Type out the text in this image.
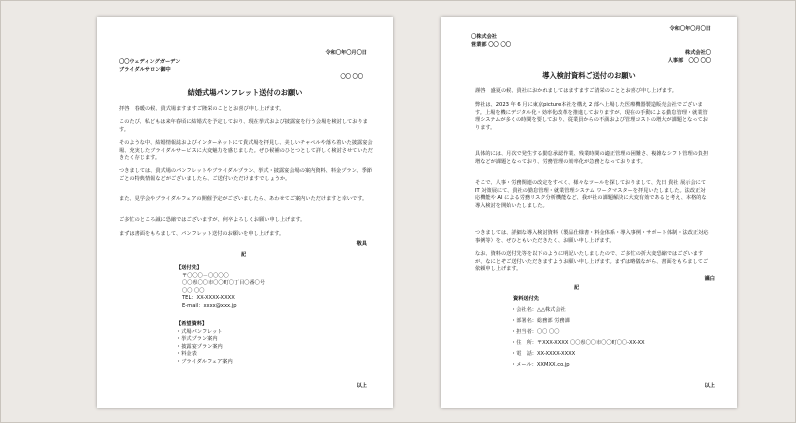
令和〇年〇月〇日
〇〇ウェディングガーデン
ブライダルサロン御中
〇〇 〇〇
結婚式場パンフレット送付のお願い
拝啓　春暖の候、貴式場ますますご隆栄のこととお喜び申し上げます。
このたび、私どもは来年春頃に結婚式を予定しており、現在挙式および披露宴を行う会場を検討しております。
そのような中、結婚情報誌およびインターネットにて貴式場を拝見し、美しいチャペルや落ち着いた披露宴会場、充実したブライダルサービスに大変魅力を感じました。ぜひ候補のひとつとして詳しく検討させていただきたく存じます。
つきましては、貴式場のパンフレットやブライダルプラン、挙式・披露宴会場の案内資料、料金プラン、季節ごとの特典情報などがございましたら、ご送付いただけますでしょうか。
また、見学会やブライダルフェアの開催予定がございましたら、あわせてご案内いただけますと幸いです。
ご多忙のところ誠に恐縮ではございますが、何卒よろしくお願い申し上げます。
まずは書面をもちまして、パンフレット送付のお願いを申し上げます。
敬具
記
【送付先】
〒〇〇〇－〇〇〇〇
〇〇県〇〇市〇〇町〇丁目〇番〇号
〇〇 〇〇
TEL：XX-XXXX-XXXX
E-mail：xxxx@xxx.jp
【希望資料】
・ 式場パンフレット
・ 挙式プラン案内
・ 披露宴プラン案内
・ 料金表
・ ブライダルフェア案内
以上
令和〇年〇月〇日
〇株式会社
営業部 〇〇 〇〇
株式会社〇
人事部　〇〇 〇〇
導入検討資料ご送付のお願い
謹啓　盛夏の候、貴社におかれましてはますますご清栄のこととお喜び申し上げます。
弊社は、2023 年 6 月に東京picture本社を構え 2 部へ上場した医療機器製造販売会社でございます。上場を機にデジタル化・効率化改革を推進しておりますが、現在の手動による勤怠管理・就業管理システムが多くの時間を要しており、従業員からの不満および管理コストの増大が課題となっております。
具体的には、月次で発生する勤怠承認作業、残業時間の適正管理の困難さ、複雑なシフト管理の負担増などが課題となっており、労務管理の効率化が急務となっております。
そこで、人事・労務関連の改定をすべく、様々なツールを探しておりまして、先日 貴社 展示会にて IT 対策展にて、貴社の勤怠管理・就業管理システム ワークマスターを拝見いたしました。法改正対応機能や AI による労務リスク分析機能など、我が社の課題解決に大変有効であると考え、本格的な導入検討を開始いたしました。
つきましては、詳細な導入検討資料（製品仕様書・料金体系・導入事例・サポート体制・法改正対応事例等）を、ぜひともいただきたく、お願い申し上げます。
なお、資料の送付先等を以下のように明記いたしましたので、ご多忙の折大変恐縮ではございますが、なにとぞご送付いただきますようお願い申し上げます。まずは略儀ながら、書面をもちましてご依頼申し上げます。
謹白
記
資料送付先
・会社名：△△株式会社
・部署名：総務部 労務課
・担当者：〇〇 〇〇
・住　所：〒XXX-XXXX 〇〇県〇〇市〇〇町〇〇-XX-XX
・電　話：XX-XXXX-XXXX
・メール：XXMXX.co.jp
以上
